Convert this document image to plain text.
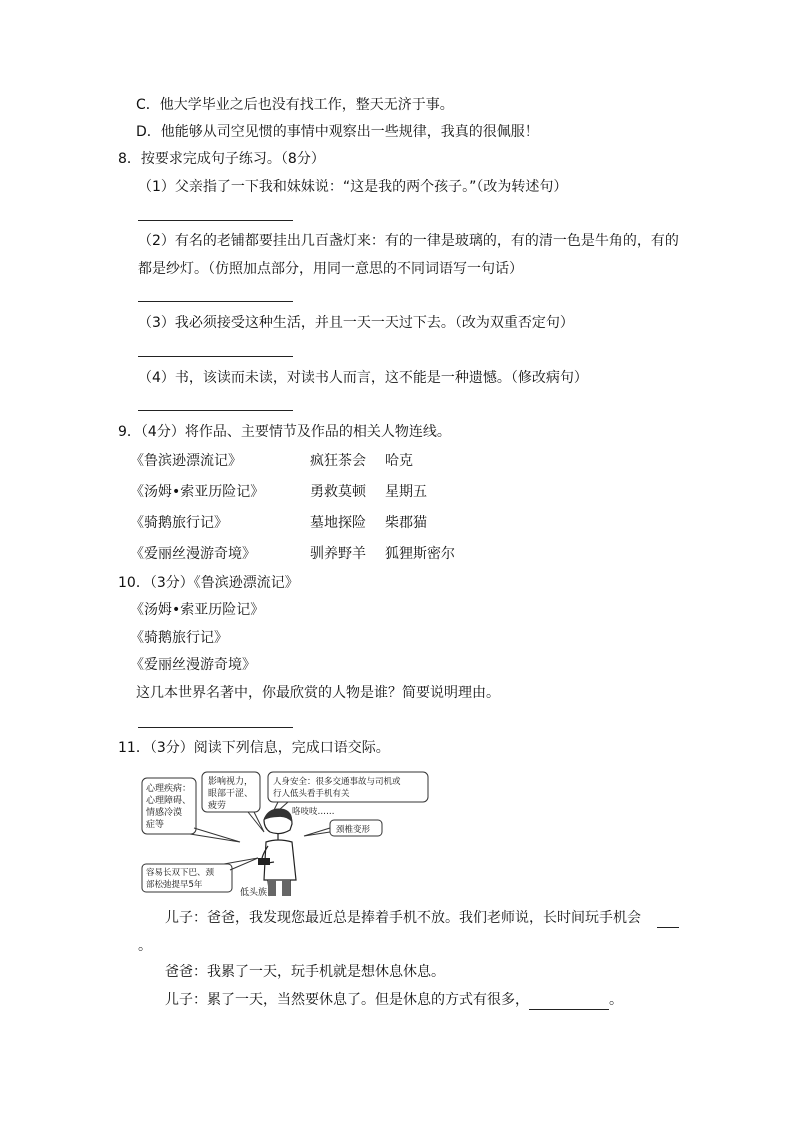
C．他大学毕业之后也没有找工作，整天无济于事。
D．他能够从司空见惯的事情中观察出一些规律，我真的很佩服！
8．按要求完成句子练习。（8分）
（1）父亲指了一下我和妹妹说：“这是我的两个孩子。”（改为转述句）
（2）有名的老铺都要挂出几百盏灯来：有的一律是玻璃的，有的清一色是牛角的，有的
都是纱灯。（仿照加点部分，用同一意思的不同词语写一句话）
（3）我必须接受这种生活，并且一天一天过下去。（改为双重否定句）
（4）书，该读而未读，对读书人而言，这不能是一种遗憾。（修改病句）
9．（4分）将作品、主要情节及作品的相关人物连线。
《鲁滨逊漂流记》	疯狂茶会 哈克
《汤姆•索亚历险记》	勇救莫顿 星期五
《骑鹅旅行记》	墓地探险 柴郡猫
《爱丽丝漫游奇境》	驯养野羊 狐狸斯密尔
10．（3分）《鲁滨逊漂流记》
《汤姆•索亚历险记》
《骑鹅旅行记》
《爱丽丝漫游奇境》
这几本世界名著中，你最欣赏的人物是谁？简要说明理由。
11．（3分）阅读下列信息，完成口语交际。
心理疾病：
心理障碍、
情感冷漠
症等
影响视力，
眼部干涩、
疲劳
人身安全：很多交通事故与司机或
行人低头看手机有关
咯吱吱……
颈椎变形
容易长双下巴、颈
部松弛提早5年
低头族
儿子：爸爸，我发现您最近总是捧着手机不放。我们老师说，长时间玩手机会
。
爸爸：我累了一天，玩手机就是想休息休息。
儿子：累了一天，当然要休息了。但是休息的方式有很多，	。
